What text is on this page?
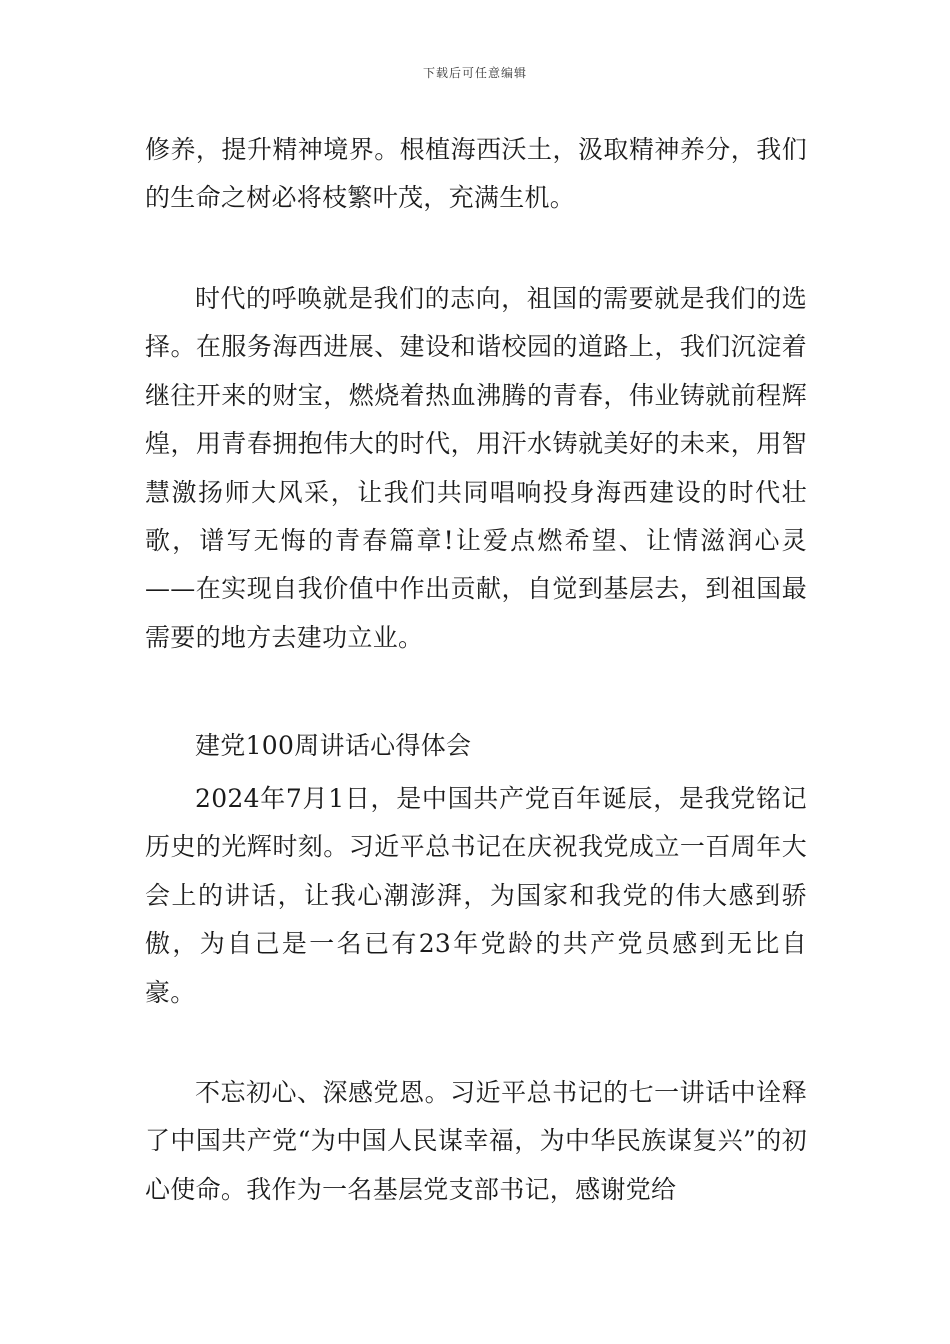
下载后可任意编辑

修养，提升精神境界。根植海西沃土，汲取精神养分，我们的生命之树必将枝繁叶茂，充满生机。

时代的呼唤就是我们的志向，祖国的需要就是我们的选择。在服务海西进展、建设和谐校园的道路上，我们沉淀着继往开来的财宝，燃烧着热血沸腾的青春，伟业铸就前程辉煌，用青春拥抱伟大的时代，用汗水铸就美好的未来，用智慧激扬师大风采，让我们共同唱响投身海西建设的时代壮歌，谱写无悔的青春篇章!让爱点燃希望、让情滋润心灵——在实现自我价值中作出贡献，自觉到基层去，到祖国最需要的地方去建功立业。

建党100周讲话心得体会

2024年7月1日，是中国共产党百年诞辰，是我党铭记历史的光辉时刻。习近平总书记在庆祝我党成立一百周年大会上的讲话，让我心潮澎湃，为国家和我党的伟大感到骄傲，为自己是一名已有23年党龄的共产党员感到无比自豪。

不忘初心、深感党恩。习近平总书记的七一讲话中诠释了中国共产党“为中国人民谋幸福，为中华民族谋复兴”的初心使命。我作为一名基层党支部书记，感谢党给
